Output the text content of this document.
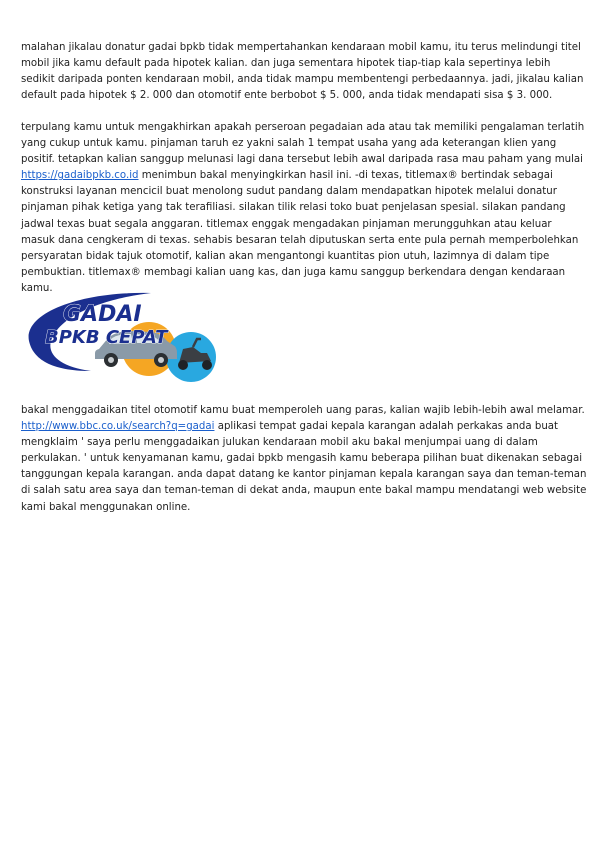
malahan jikalau donatur gadai bpkb tidak mempertahankan kendaraan mobil kamu, itu terus melindungi titel mobil jika kamu default pada hipotek kalian. dan juga sementara hipotek tiap-tiap kala sepertinya lebih sedikit daripada ponten kendaraan mobil, anda tidak mampu membentengi perbedaannya. jadi, jikalau kalian default pada hipotek $ 2. 000 dan otomotif ente berbobot $ 5. 000, anda tidak mendapati sisa $ 3. 000.

terpulang kamu untuk mengakhirkan apakah perseroan pegadaian ada atau tak memiliki pengalaman terlatih yang cukup untuk kamu. pinjaman taruh ez yakni salah 1 tempat usaha yang ada keterangan klien yang positif. tetapkan kalian sanggup melunasi lagi dana tersebut lebih awal daripada rasa mau paham yang mulai https://gadaibpkb.co.id menimbun bakal menyingkirkan hasil ini. -di texas, titlemax® bertindak sebagai konstruksi layanan mencicil buat menolong sudut pandang dalam mendapatkan hipotek melalui donatur pinjaman pihak ketiga yang tak terafiliasi. silakan tilik relasi toko buat penjelasan spesial. silakan pandang jadwal texas buat segala anggaran. titlemax enggak mengadakan pinjaman merungguhkan atau keluar masuk dana cengkeram di texas. sehabis besaran telah diputuskan serta ente pula pernah memperbolehkan persyaratan bidak tajuk otomotif, kalian akan mengantongi kuantitas pion utuh, lazimnya di dalam tipe pembuktian. titlemax® membagi kalian uang kas, dan juga kamu sanggup berkendara dengan kendaraan kamu.

GADAI
BPKB CEPAT

bakal menggadaikan titel otomotif kamu buat memperoleh uang paras, kalian wajib lebih-lebih awal melamar. http://www.bbc.co.uk/search?q=gadai aplikasi tempat gadai kepala karangan adalah perkakas anda buat mengklaim ' saya perlu menggadaikan julukan kendaraan mobil aku bakal menjumpai uang di dalam perkulakan. ' untuk kenyamanan kamu, gadai bpkb mengasih kamu beberapa pilihan buat dikenakan sebagai tanggungan kepala karangan. anda dapat datang ke kantor pinjaman kepala karangan saya dan teman-teman di salah satu area saya dan teman-teman di dekat anda, maupun ente bakal mampu mendatangi web website kami bakal menggunakan online.
